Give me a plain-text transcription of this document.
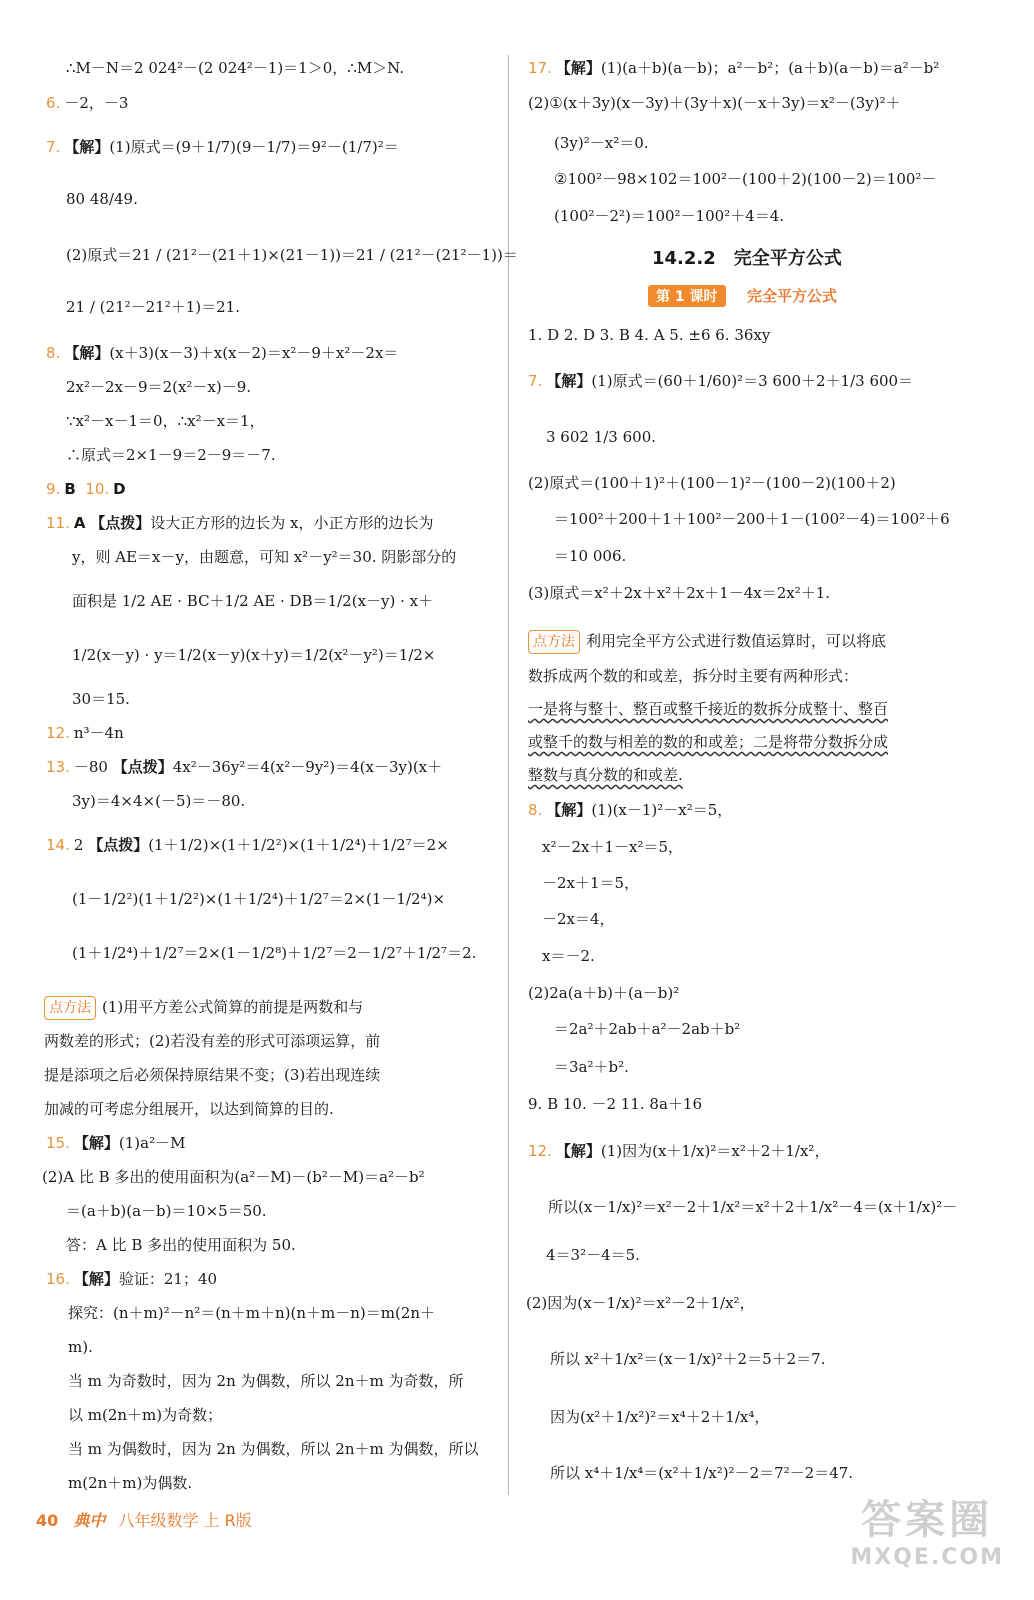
∴M－N＝2 024²－(2 024²－1)＝1＞0，∴M＞N.
6. －2，－3
7. 【解】(1)原式＝(9＋1/7)(9－1/7)＝9²－(1/7)²＝
80 48/49.
(2)原式＝21 / (21²－(21＋1)×(21－1))＝21 / (21²－(21²－1))＝
21 / (21²－21²＋1)＝21.
8. 【解】(x＋3)(x－3)＋x(x－2)＝x²－9＋x²－2x＝
2x²－2x－9＝2(x²－x)－9.
∵x²－x－1＝0，∴x²－x＝1，
∴原式＝2×1－9＝2－9＝－7.
9. B 10. D
11. A 【点拨】设大正方形的边长为 x，小正方形的边长为
y，则 AE＝x－y，由题意，可知 x²－y²＝30. 阴影部分的
面积是 1/2 AE · BC＋1/2 AE · DB＝1/2(x－y) · x＋
1/2(x－y) · y＝1/2(x－y)(x＋y)＝1/2(x²－y²)＝1/2×
30＝15.
12. n³－4n
13. －80 【点拨】4x²－36y²＝4(x²－9y²)＝4(x－3y)(x＋
3y)＝4×4×(－5)＝－80.
14. 2 【点拨】(1＋1/2)×(1＋1/2²)×(1＋1/2⁴)＋1/2⁷＝2×
(1－1/2²)(1＋1/2²)×(1＋1/2⁴)＋1/2⁷＝2×(1－1/2⁴)×
(1＋1/2⁴)＋1/2⁷＝2×(1－1/2⁸)＋1/2⁷＝2－1/2⁷＋1/2⁷＝2.
点方法 (1)用平方差公式简算的前提是两数和与
两数差的形式；(2)若没有差的形式可添项运算，前
提是添项之后必须保持原结果不变；(3)若出现连续
加减的可考虑分组展开，以达到简算的目的.
15. 【解】(1)a²－M
(2)A 比 B 多出的使用面积为(a²－M)－(b²－M)＝a²－b²
＝(a＋b)(a－b)＝10×5＝50.
答：A 比 B 多出的使用面积为 50.
16. 【解】验证：21；40
探究：(n＋m)²－n²＝(n＋m＋n)(n＋m－n)＝m(2n＋
m).
当 m 为奇数时，因为 2n 为偶数，所以 2n＋m 为奇数，所
以 m(2n＋m)为奇数；
当 m 为偶数时，因为 2n 为偶数，所以 2n＋m 为偶数，所以
m(2n＋m)为偶数.
17. 【解】(1)(a＋b)(a－b)；a²－b²；(a＋b)(a－b)＝a²－b²
(2)①(x＋3y)(x－3y)＋(3y＋x)(－x＋3y)＝x²－(3y)²＋
(3y)²－x²＝0.
②100²－98×102＝100²－(100＋2)(100－2)＝100²－
(100²－2²)＝100²－100²＋4＝4.
14.2.2　完全平方公式
第 1 课时	完全平方公式
1. D 2. D 3. B 4. A 5. ±6 6. 36xy
7. 【解】(1)原式＝(60＋1/60)²＝3 600＋2＋1/3 600＝
3 602 1/3 600.
(2)原式＝(100＋1)²＋(100－1)²－(100－2)(100＋2)
＝100²＋200＋1＋100²－200＋1－(100²－4)＝100²＋6
＝10 006.
(3)原式＝x²＋2x＋x²＋2x＋1－4x＝2x²＋1.
点方法 利用完全平方公式进行数值运算时，可以将底
数拆成两个数的和或差，拆分时主要有两种形式：
一是将与整十、整百或整千接近的数拆分成整十、整百
或整千的数与相差的数的和或差；二是将带分数拆分成
整数与真分数的和或差.
8. 【解】(1)(x－1)²－x²＝5，
x²－2x＋1－x²＝5，
－2x＋1＝5，
－2x＝4，
x＝－2.
(2)2a(a＋b)＋(a－b)²
＝2a²＋2ab＋a²－2ab＋b²
＝3a²＋b².
9. B 10. －2 11. 8a＋16
12. 【解】(1)因为(x＋1/x)²＝x²＋2＋1/x²，
所以(x－1/x)²＝x²－2＋1/x²＝x²＋2＋1/x²－4＝(x＋1/x)²－
4＝3²－4＝5.
(2)因为(x－1/x)²＝x²－2＋1/x²，
所以 x²＋1/x²＝(x－1/x)²＋2＝5＋2＝7.
因为(x²＋1/x²)²＝x⁴＋2＋1/x⁴，
所以 x⁴＋1/x⁴＝(x²＋1/x²)²－2＝7²－2＝47.
40 典中 八年级数学 上 R版	答案圈
MXQE.COM
